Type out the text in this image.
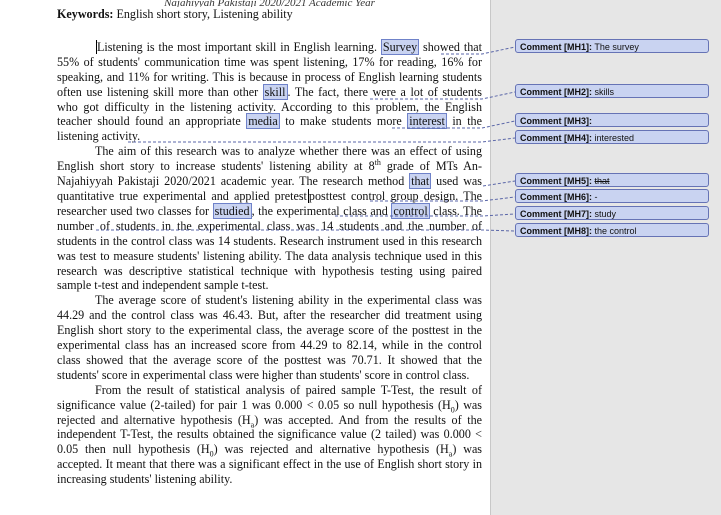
Najahiyyah Pakistaji 2020/2021 Academic Year
Keywords: English short story, Listening ability

Listening is the most important skill in English learning. Survey showed that 55% of students' communication time was spent listening, 17% for reading, 16% for speaking, and 11% for writing. This is because in process of English learning students often use listening skill more than other skill . The fact, there were a lot of students who got difficulty in the listening activity. According to this problem, the English teacher should found an appropriate media to make students more interest in the listening activity.

The aim of this research was to analyze whether there was an effect of using English short story to increase students' listening ability at 8th grade of MTs An-Najahiyyah Pakistaji 2020/2021 academic year. The research method that used was quantitative true experimental and applied pretest posttest control group design. The researcher used two classes for studied , the experimental class and control class. The number of students in the experimental class was 14 students and the number of students in the control class was 14 students. Research instrument used in this research was test to measure students' listening ability. The data analysis technique used in this research was descriptive statistical technique with hypothesis testing using paired sample t-test and independent sample t-test.

The average score of student's listening ability in the experimental class was 44.29 and the control class was 46.43. But, after the researcher did treatment using English short story to the experimental class, the average score of the posttest in the experimental class has an increased score from 44.29 to 82.14, while in the control class showed that the average score of the posttest was 70.71. It showed that the students' score in experimental class were higher than students' score in control class.

From the result of statistical analysis of paired sample T-Test, the result of significance value (2-tailed) for pair 1 was 0.000 < 0.05 so null hypothesis $(H_0)$ was rejected and alternative hypothesis $(H_a)$ was accepted. And from the results of the independent T-Test, the results obtained the significance value (2 tailed) was 0.000 < 0.05 then null hypothesis $(H_0)$ was rejected and alternative hypothesis $(H_a)$ was accepted. It meant that there was a significant effect in the use of English short story in increasing students' listening ability.

Comment [MH1]: The survey
Comment [MH2]: skills
Comment [MH3]:
Comment [MH4]: interested
Comment [MH5]: that
Comment [MH6]: -
Comment [MH7]: study
Comment [MH8]: the control
